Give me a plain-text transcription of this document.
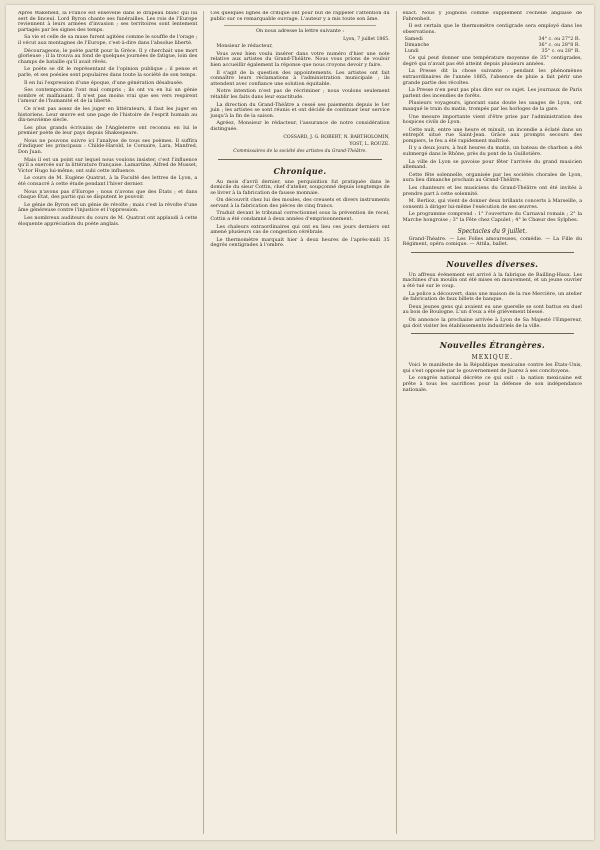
Après Wakefield, la France est ensevelie dans le drapeau blanc qui lui sert de linceul. Lord Byron chante ses funérailles. Les rois de l'Europe reviennent à leurs armées d'invasion ; ses territoires sont lentement partagés par les signes des temps.

Sa vie et celle de sa muse furent agitées comme le souffle de l'orage ; il vécut aux montagnes de l'Europe, c'est-à-dire dans l'absolue liberté.

Décourageons, le poète partit pour la Grèce. Il y cherchait une mort glorieuse ; il la trouva au fond de quelques journées de fatigue, loin des champs de bataille qu'il avait rêvés.

Le poète se dit le représentant de l'opinion publique ; il pense et parle, et ses poésies sont populaires dans toute la société de son temps.

Il en lui l'expression d'une époque, d'une génération désabusée.

Ses contemporains l'ont mal compris ; ils ont vu en lui un génie sombre et malfaisant. Il n'est pas moins vrai que ses vers respirent l'amour de l'humanité et de la liberté.

Ce n'est pas assez de les juger en littérateurs, il faut les juger en historiens. Leur œuvre est une page de l'histoire de l'esprit humain au dix-neuvième siècle.

Les plus grands écrivains de l'Angleterre ont reconnu en lui le premier poète de leur pays depuis Shakespeare.

Nous ne pouvons suivre ici l'analyse de tous ses poèmes. Il suffira d'indiquer les principaux : Childe-Harold, le Corsaire, Lara, Manfred, Don Juan.

Mais il est un point sur lequel nous voulons insister, c'est l'influence qu'il a exercée sur la littérature française. Lamartine, Alfred de Musset, Victor Hugo lui-même, ont subi cette influence.

Le cours de M. Eugène Quatrat, à la Faculté des lettres de Lyon, a été consacré à cette étude pendant l'hiver dernier.

Nous n'avons pas d'Europe ; nous n'avons que des États ; et dans chaque État, des partis qui se disputent le pouvoir.

Le génie de Byron est un génie de révolte ; mais c'est la révolte d'une âme généreuse contre l'injustice et l'oppression.

Les nombreux auditeurs du cours de M. Quatrat ont applaudi à cette éloquente appréciation du poète anglais.

Ces quelques lignes de critique ont pour but de rappeler l'attention du public sur ce remarquable ouvrage. L'auteur y a mis toute son âme.

On nous adresse la lettre suivante :

Lyon, 7 juillet 1865.

Monsieur le rédacteur,

Vous avez bien voulu insérer dans votre numéro d'hier une note relative aux artistes du Grand-Théâtre. Nous vous prions de vouloir bien accueillir également la réponse que nous croyons devoir y faire.

Il s'agit de la question des appointements. Les artistes ont fait connaître leurs réclamations à l'administration municipale ; ils attendent avec confiance une solution équitable.

Notre intention n'est pas de récriminer ; nous voulons seulement rétablir les faits dans leur exactitude.

La direction du Grand-Théâtre a cessé ses paiements depuis le 1er juin ; les artistes se sont réunis et ont décidé de continuer leur service jusqu'à la fin de la saison.

Agréez, Monsieur le rédacteur, l'assurance de notre considération distinguée.

COSSARD, J. G. ROBERT, N. BARTHOLOMIN,

YOST, L. ROUZE.

Commissaires de la société des artistes du Grand-Théâtre.

Chronique.

Au mois d'avril dernier, une perquisition fut pratiquée dans le domicile du sieur Cottin, chef d'atelier, soupçonné depuis longtemps de se livrer à la fabrication de fausse monnaie.

On découvrit chez lui des moules, des creusets et divers instruments servant à la fabrication des pièces de cinq francs.

Traduit devant le tribunal correctionnel sous la prévention de recel, Cottin a été condamné à deux années d'emprisonnement.

Les chaleurs extraordinaires qui ont eu lieu ces jours derniers ont amené plusieurs cas de congestion cérébrale.

Le thermomètre marquait hier à deux heures de l'après-midi 35 degrés centigrades à l'ombre.

exact. Nous y joignons comme supplément l'échelle anglaise de Fahrenheit.

Il est certain que le thermomètre centigrade sera employé dans les observations.

Samedi	34° c. ou 27°2 R.
Dimanche	36° c. ou 28°8 R.
Lundi	35° c. ou 28° R.

Ce qui peut donner une température moyenne de 35° centigrades, degré qui n'avait pas été atteint depuis plusieurs années.

La Presse dit la chose suivante : pendant les phénomènes extraordinaires de l'année 1865, l'absence de pluie a fait périr une grande partie des récoltes.

La Presse n'en peut pas plus dire sur ce sujet. Les journaux de Paris parlent des incendies de forêts.

Plusieurs voyageurs, ignorant sans doute les usages de Lyon, ont manqué le train du matin, trompés par les horloges de la gare.

Une mesure importante vient d'être prise par l'administration des hospices civils de Lyon.

Cette nuit, entre une heure et minuit, un incendie a éclaté dans un entrepôt situé rue Saint-Jean. Grâce aux prompts secours des pompiers, le feu a été rapidement maîtrisé.

Il y a deux jours, à huit heures du matin, un bateau de charbon a été submergé dans le Rhône, près du pont de la Guillotière.

La ville de Lyon se pavoise pour fêter l'arrivée du grand musicien allemand.

Cette fête solennelle, organisée par les sociétés chorales de Lyon, aura lieu dimanche prochain au Grand-Théâtre.

Les chanteurs et les musiciens du Grand-Théâtre ont été invités à prendre part à cette solennité.

M. Berlioz, qui vient de donner deux brillants concerts à Marseille, a consenti à diriger lui-même l'exécution de ses œuvres.

Le programme comprend : 1° l'ouverture du Carnaval romain ; 2° la Marche hongroise ; 3° la Fête chez Capulet ; 4° le Chœur des Sylphes.

Spectacles du 9 juillet.

Grand-Théatre. — Les Folies amoureuses, comédie. — La Fille du Régiment, opéra comique. — Attila, ballet.

Nouvelles diverses.

Un affreux événement est arrivé à la fabrique de Bailling-Haux. Les machines d'un moulin ont été mises en mouvement, et un jeune ouvrier a été tué sur le coup.

La police a découvert, dans une maison de la rue Mercière, un atelier de fabrication de faux billets de banque.

Deux jeunes gens qui avaient eu une querelle se sont battus en duel au bois de Boulogne. L'un d'eux a été grièvement blessé.

On annonce la prochaine arrivée à Lyon de Sa Majesté l'Empereur, qui doit visiter les établissements industriels de la ville.

Nouvelles Étrangères.
MEXIQUE.

Voici le manifeste de la République mexicaine contre les États-Unis, qui s'est opposée par le gouvernement de Juarez à ses concitoyens.

Le congrès national décrète ce qui suit : la nation mexicaine est prête à tous les sacrifices pour la défense de son indépendance nationale.
